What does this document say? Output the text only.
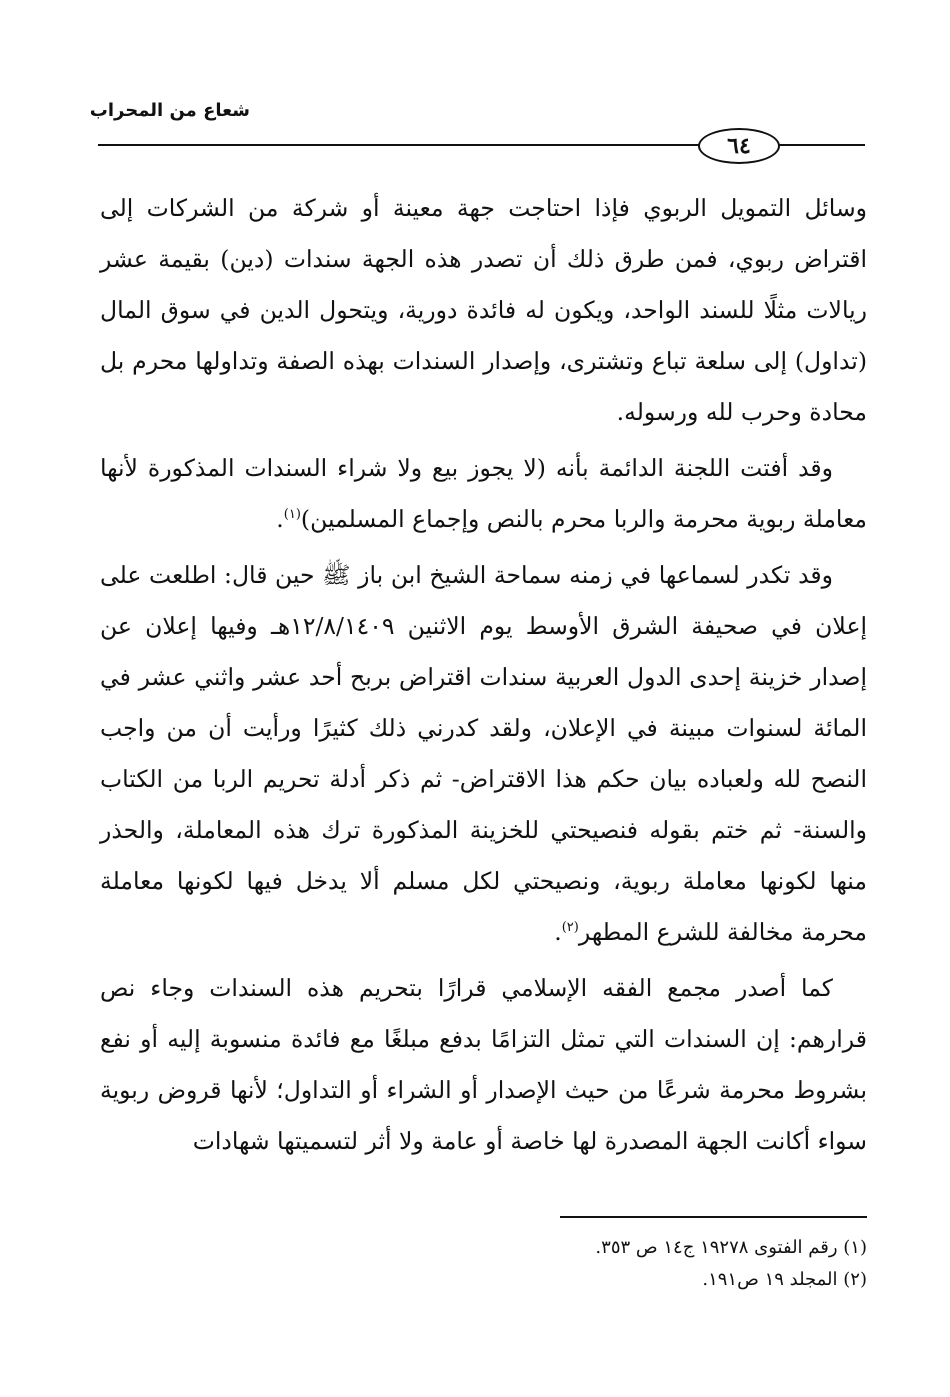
شعاع من المحراب
٦٤

وسائل التمويل الربوي فإذا احتاجت جهة معينة أو شركة من الشركات إلى اقتراض ربوي، فمن طرق ذلك أن تصدر هذه الجهة سندات (دين) بقيمة عشر ريالات مثلًا للسند الواحد، ويكون له فائدة دورية، ويتحول الدين في سوق المال (تداول) إلى سلعة تباع وتشترى، وإصدار السندات بهذه الصفة وتداولها محرم بل محادة وحرب لله ورسوله.

وقد أفتت اللجنة الدائمة بأنه (لا يجوز بيع ولا شراء السندات المذكورة لأنها معاملة ربوية محرمة والربا محرم بالنص وإجماع المسلمين)$^{(١)}$.

وقد تكدر لسماعها في زمنه سماحة الشيخ ابن باز ﷺ حين قال: اطلعت على إعلان في صحيفة الشرق الأوسط يوم الاثنين ١٢/٨/١٤٠٩هـ وفيها إعلان عن إصدار خزينة إحدى الدول العربية سندات اقتراض بربح أحد عشر واثني عشر في المائة لسنوات مبينة في الإعلان، ولقد كدرني ذلك كثيرًا ورأيت أن من واجب النصح لله ولعباده بيان حكم هذا الاقتراض- ثم ذكر أدلة تحريم الربا من الكتاب والسنة- ثم ختم بقوله فنصيحتي للخزينة المذكورة ترك هذه المعاملة، والحذر منها لكونها معاملة ربوية، ونصيحتي لكل مسلم ألا يدخل فيها لكونها معاملة محرمة مخالفة للشرع المطهر$^{(٢)}$.

كما أصدر مجمع الفقه الإسلامي قرارًا بتحريم هذه السندات وجاء نص قرارهم: إن السندات التي تمثل التزامًا بدفع مبلغًا مع فائدة منسوبة إليه أو نفع بشروط محرمة شرعًا من حيث الإصدار أو الشراء أو التداول؛ لأنها قروض ربوية سواء أكانت الجهة المصدرة لها خاصة أو عامة ولا أثر لتسميتها شهادات

(١) رقم الفتوى ١٩٢٧٨ ج١٤ ص ٣٥٣.

(٢) المجلد ١٩ ص١٩١.
